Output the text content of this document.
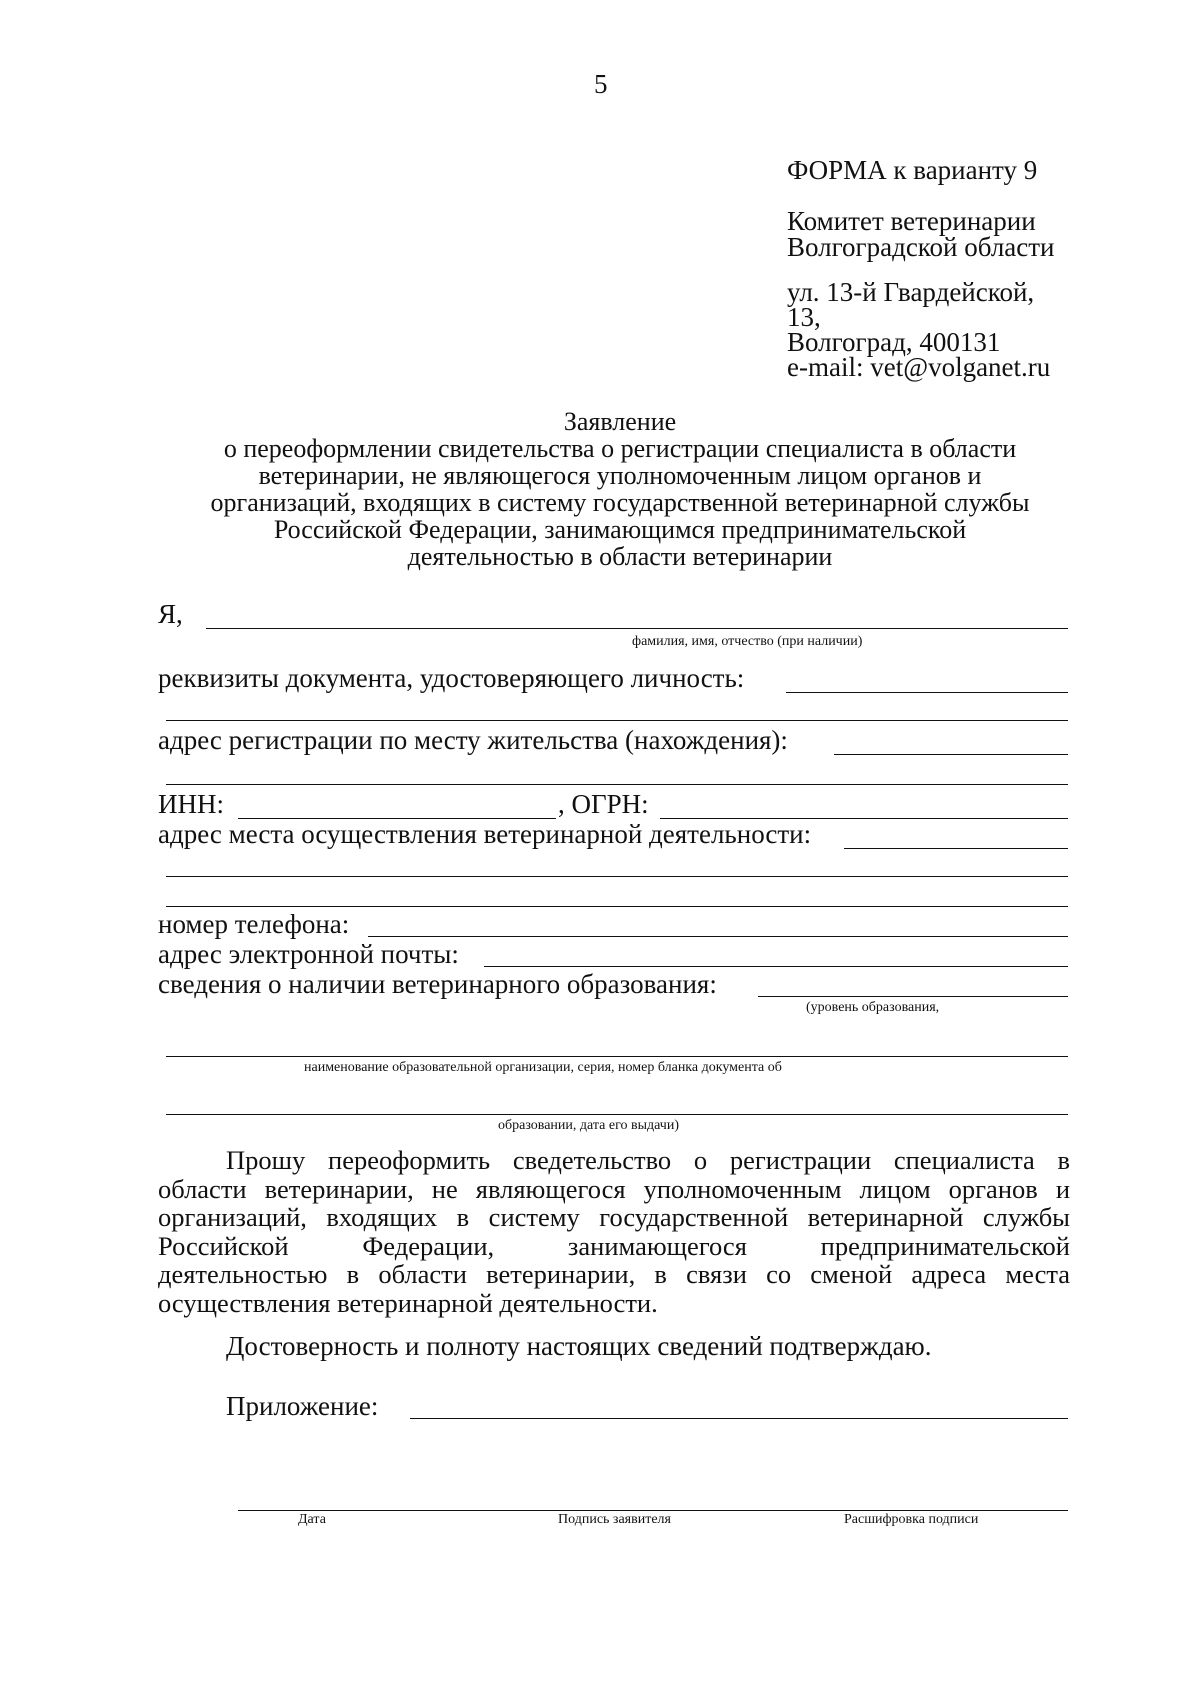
5
ФОРМА к варианту 9
Комитет ветеринарии
Волгоградской области
ул. 13-й Гвардейской,
13,
Волгоград, 400131
e-mail: vet@volganet.ru
Заявление
о переоформлении свидетельства о регистрации специалиста в области
ветеринарии, не являющегося уполномоченным лицом органов и
организаций, входящих в систему государственной ветеринарной службы
Российской Федерации, занимающимся предпринимательской
деятельностью в области ветеринарии
Я,
фамилия, имя, отчество (при наличии)
реквизиты документа, удостоверяющего личность:
адрес регистрации по месту жительства (нахождения):
ИНН:	, ОГРН:
адрес места осуществления ветеринарной деятельности:
номер телефона:
адрес электронной почты:
сведения о наличии ветеринарного образования:
(уровень образования,
наименование образовательной организации, серия, номер бланка документа об
образовании, дата его выдачи)
Прошу переоформить сведетельство о регистрации специалиста в
области ветеринарии, не являющегося уполномоченным лицом органов и
организаций, входящих в систему государственной ветеринарной службы
Российской Федерации, занимающегося предпринимательской
деятельностью в области ветеринарии, в связи со сменой адреса места
осуществления ветеринарной деятельности.
Достоверность и полноту настоящих сведений подтверждаю.
Приложение:
Дата	Подпись заявителя	Расшифровка подписи
